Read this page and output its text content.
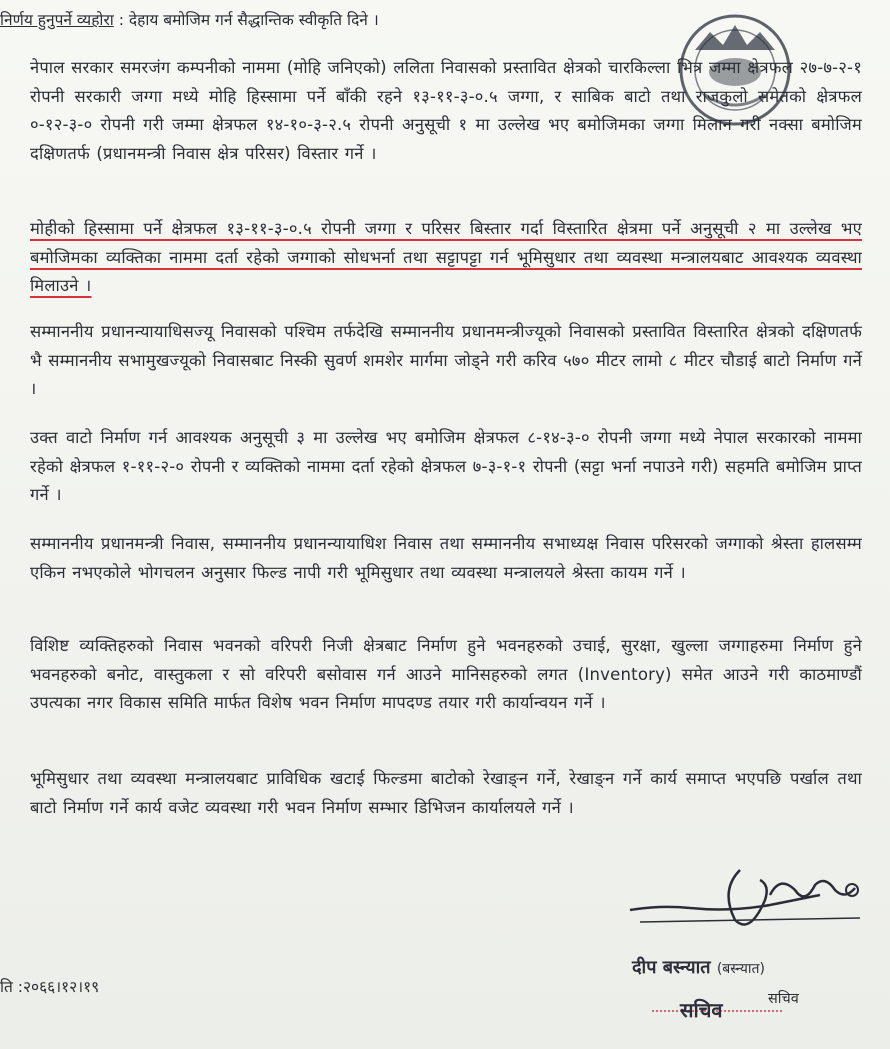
निर्णय हुनुपर्ने व्यहोरा : देहाय बमोजिम गर्न सैद्धान्तिक स्वीकृति दिने ।
नेपाल सरकार समरजंग कम्पनीको नाममा (मोहि जनिएको) ललिता निवासको प्रस्तावित क्षेत्रको चारकिल्ला भित्र जम्मा क्षेत्रफल २७-७-२-१ रोपनी सरकारी जग्गा मध्ये मोहि हिस्सामा पर्ने बाँकी रहने १३-११-३-०.५ जग्गा, र साबिक बाटो तथा राजकुलो समेतको क्षेत्रफल ०-१२-३-० रोपनी गरी जम्मा क्षेत्रफल १४-१०-३-२.५ रोपनी अनुसूची १ मा उल्लेख भए बमोजिमका जग्गा मिलान गरी नक्सा बमोजिम दक्षिणतर्फ (प्रधानमन्त्री निवास क्षेत्र परिसर) विस्तार गर्ने ।
मोहीको हिस्सामा पर्ने क्षेत्रफल १३-११-३-०.५ रोपनी जग्गा र परिसर बिस्तार गर्दा विस्तारित क्षेत्रमा पर्ने अनुसूची २ मा उल्लेख भए बमोजिमका व्यक्तिका नाममा दर्ता रहेको जग्गाको सोधभर्ना तथा सट्टापट्टा गर्न भूमिसुधार तथा व्यवस्था मन्त्रालयबाट आवश्यक व्यवस्था मिलाउने ।
सम्माननीय प्रधानन्यायाधिसज्यू निवासको पश्चिम तर्फदेखि सम्माननीय प्रधानमन्त्रीज्यूको निवासको प्रस्तावित विस्तारित क्षेत्रको दक्षिणतर्फ भै सम्माननीय सभामुखज्यूको निवासबाट निस्की सुवर्ण शमशेर मार्गमा जोड्ने गरी करिव ५७० मीटर लामो ८ मीटर चौडाई बाटो निर्माण गर्ने ।
उक्त वाटो निर्माण गर्न आवश्यक अनुसूची ३ मा उल्लेख भए बमोजिम क्षेत्रफल ८-१४-३-० रोपनी जग्गा मध्ये नेपाल सरकारको नाममा रहेको क्षेत्रफल १-११-२-० रोपनी र व्यक्तिको नाममा दर्ता रहेको क्षेत्रफल ७-३-१-१ रोपनी (सट्टा भर्ना नपाउने गरी) सहमति बमोजिम प्राप्त गर्ने ।
सम्माननीय प्रधानमन्त्री निवास, सम्माननीय प्रधानन्यायाधिश निवास तथा सम्माननीय सभाध्यक्ष निवास परिसरको जग्गाको श्रेस्ता हालसम्म एकिन नभएकोले भोगचलन अनुसार फिल्ड नापी गरी भूमिसुधार तथा व्यवस्था मन्त्रालयले श्रेस्ता कायम गर्ने ।
विशिष्ट व्यक्तिहरुको निवास भवनको वरिपरी निजी क्षेत्रबाट निर्माण हुने भवनहरुको उचाई, सुरक्षा, खुल्ला जग्गाहरुमा निर्माण हुने भवनहरुको बनोट, वास्तुकला र सो वरिपरी बसोवास गर्न आउने मानिसहरुको लगत (Inventory) समेत आउने गरी काठमाण्डौं उपत्यका नगर विकास समिति मार्फत विशेष भवन निर्माण मापदण्ड तयार गरी कार्यान्वयन गर्ने ।
भूमिसुधार तथा व्यवस्था मन्त्रालयबाट प्राविधिक खटाई फिल्डमा बाटोको रेखाङ्न गर्ने, रेखाङ्न गर्ने कार्य समाप्त भएपछि पर्खाल तथा बाटो निर्माण गर्ने कार्य वजेट व्यवस्था गरी भवन निर्माण सम्भार डिभिजन कार्यालयले गर्ने ।
ति :२०६६।१२।१९
दीप बस्न्यात (बस्न्यात)
सचिव	सचिव
